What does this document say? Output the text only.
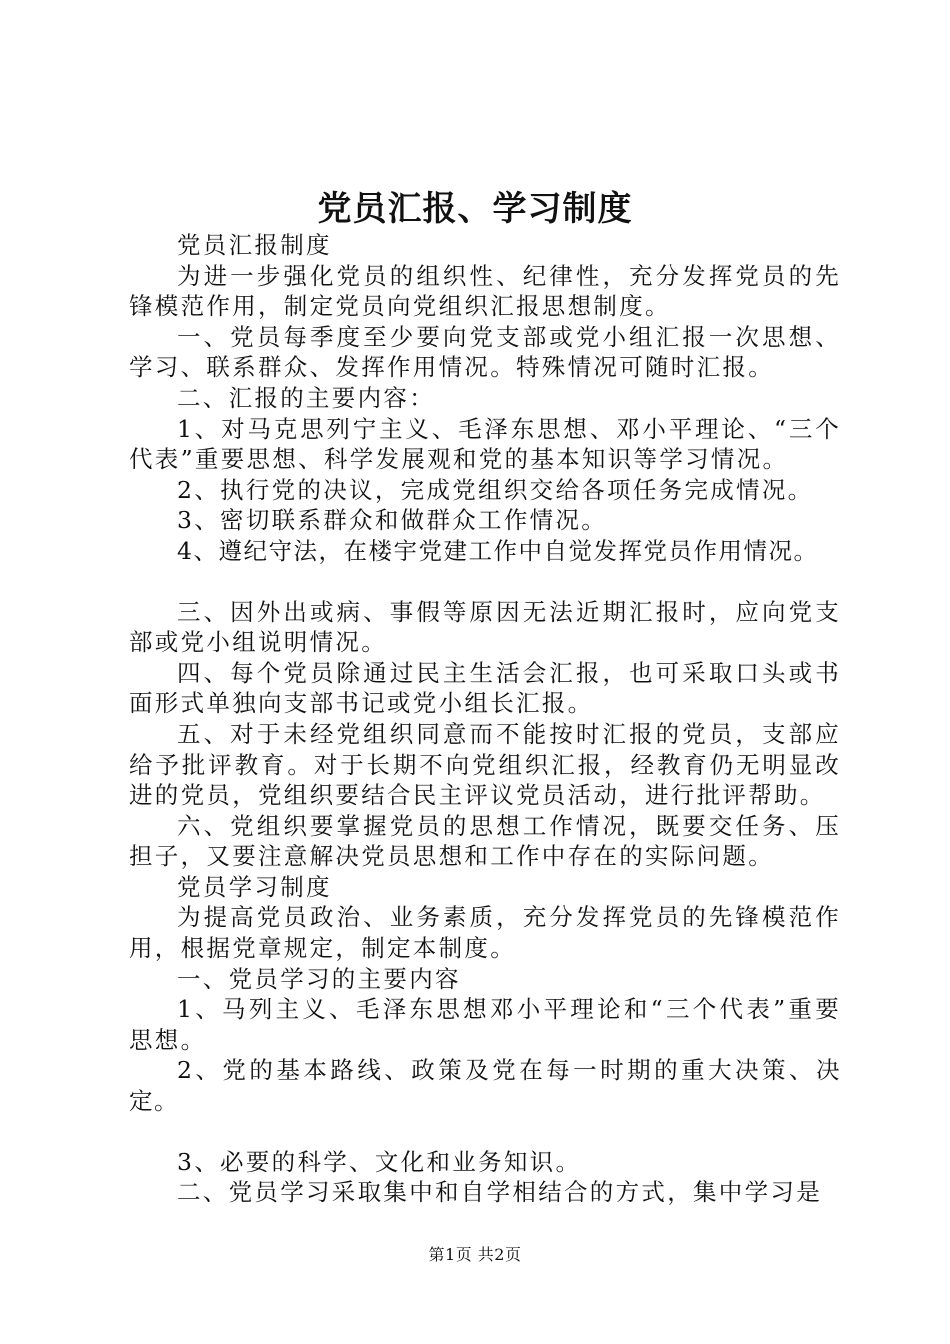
党员汇报、学习制度

党员汇报制度

为进一步强化党员的组织性、纪律性，充分发挥党员的先锋模范作用，制定党员向党组织汇报思想制度。

一、党员每季度至少要向党支部或党小组汇报一次思想、学习、联系群众、发挥作用情况。特殊情况可随时汇报。

二、汇报的主要内容：

1、对马克思列宁主义、毛泽东思想、邓小平理论、“三个代表”重要思想、科学发展观和党的基本知识等学习情况。

2、执行党的决议，完成党组织交给各项任务完成情况。

3、密切联系群众和做群众工作情况。

4、遵纪守法，在楼宇党建工作中自觉发挥党员作用情况。

三、因外出或病、事假等原因无法近期汇报时，应向党支部或党小组说明情况。

四、每个党员除通过民主生活会汇报，也可采取口头或书面形式单独向支部书记或党小组长汇报。

五、对于未经党组织同意而不能按时汇报的党员，支部应给予批评教育。对于长期不向党组织汇报，经教育仍无明显改进的党员，党组织要结合民主评议党员活动，进行批评帮助。

六、党组织要掌握党员的思想工作情况，既要交任务、压担子，又要注意解决党员思想和工作中存在的实际问题。

党员学习制度

为提高党员政治、业务素质，充分发挥党员的先锋模范作用，根据党章规定，制定本制度。

一、党员学习的主要内容

1、马列主义、毛泽东思想邓小平理论和“三个代表”重要思想。

2、党的基本路线、政策及党在每一时期的重大决策、决定。

3、必要的科学、文化和业务知识。

二、党员学习采取集中和自学相结合的方式，集中学习是

第1页 共2页
